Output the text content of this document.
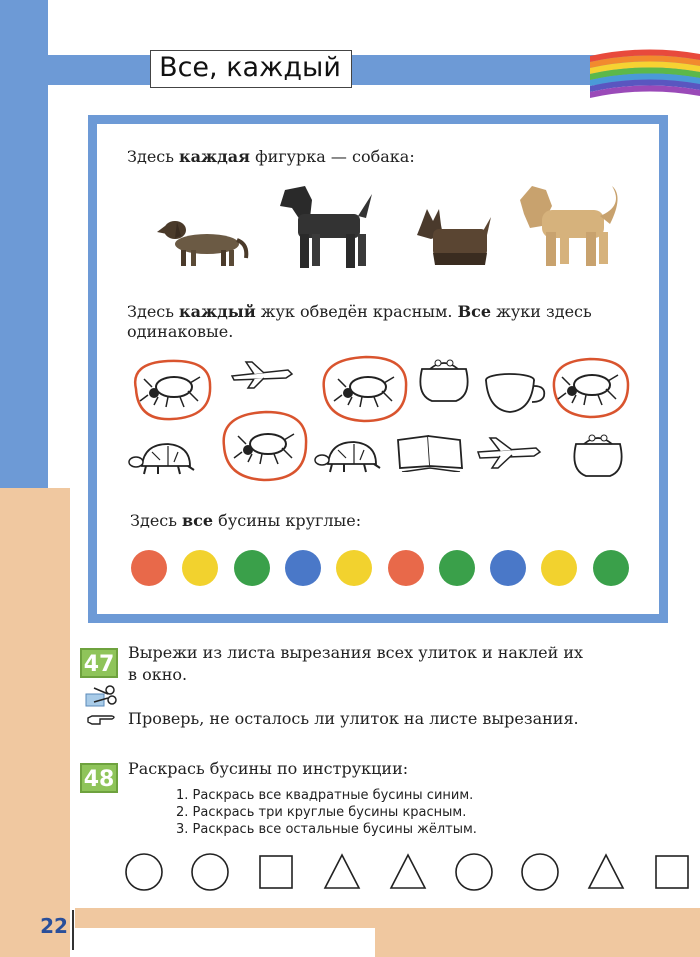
Все, каждый
Здесь каждая фигурка — собака:
Здесь каждый жук обведён красным. Все жуки здесь
одинаковые.
Здесь все бусины круглые:
47 Вырежи из листа вырезания всех улиток и наклей их
в окно.
Проверь, не осталось ли улиток на листе вырезания.
48 Раскрась бусины по инструкции:
1. Раскрась все квадратные бусины синим.
2. Раскрась три круглые бусины красным.
3. Раскрась все остальные бусины жёлтым.
22
